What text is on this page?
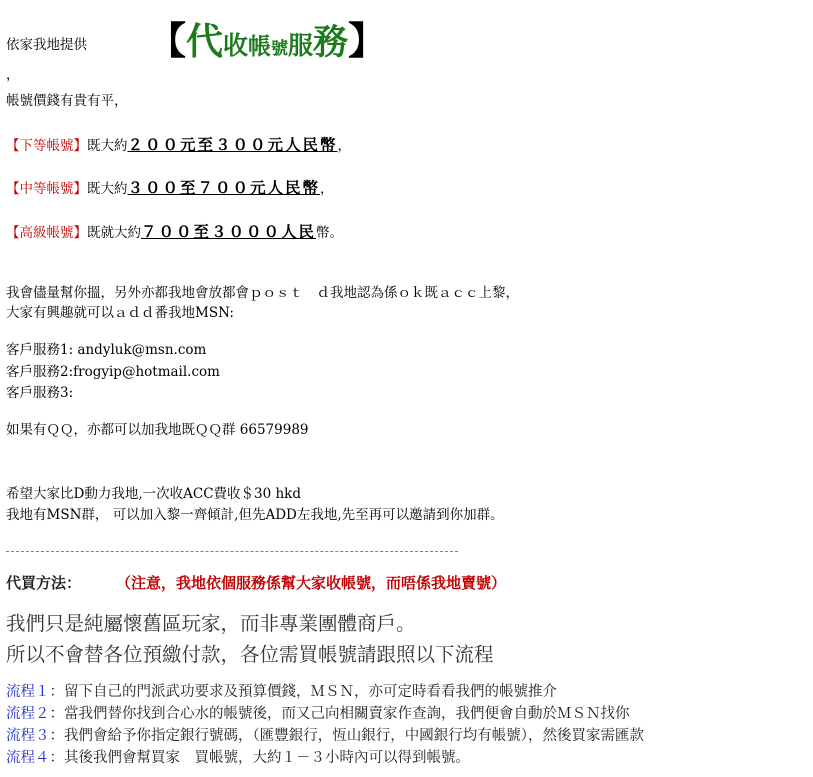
依家我地提供 【代收帳號服務】
，
帳號價錢有貴有平，
【下等帳號】既大約２００元至３００元人民幣，
【中等帳號】既大約３００至７００元人民幣，
【高級帳號】既就大約７００至３０００人民幣。
我會儘量幫你搵，另外亦都我地會放都會ｐｏｓｔ　ｄ我地認為係ｏｋ既ａｃｃ上黎，
大家有興趣就可以ａｄｄ番我地MSN:
客戶服務1: andyluk@msn.com
客戶服務2:frogyip@hotmail.com
客戶服務3:
如果有ＱＱ，亦都可以加我地既ＱＱ群 66579989
希望大家比D動力我地,一次收ACC費收＄30 hkd
我地有MSN群， 可以加入黎一齊傾計,但先ADD左我地,先至再可以邀請到你加群。
代買方法： （注意，我地依個服務係幫大家收帳號，而唔係我地賣號）
我們只是純屬懷舊區玩家，而非專業團體商戶。
所以不會替各位預繳付款，各位需買帳號請跟照以下流程
流程１：留下自己的門派武功要求及預算價錢，ＭＳＮ，亦可定時看看我們的帳號推介
流程２：當我們替你找到合心水的帳號後，而又己向相關賣家作查詢，我們便會自動於ＭＳＮ找你
流程３：我們會給予你指定銀行號碼，（匯豐銀行，恆山銀行，中國銀行均有帳號），然後買家需匯款
流程４：其後我們會幫買家　買帳號，大約１－３小時內可以得到帳號。
